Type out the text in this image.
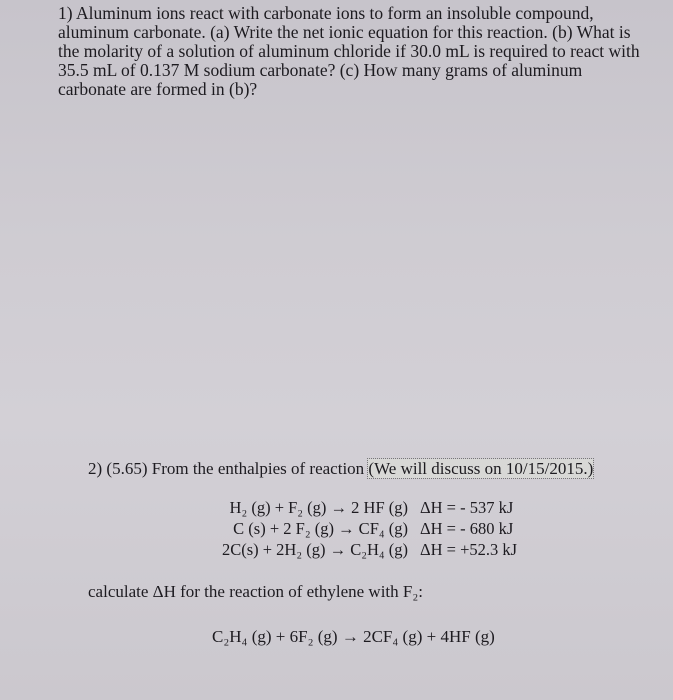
1) Aluminum ions react with carbonate ions to form an insoluble compound, aluminum carbonate. (a) Write the net ionic equation for this reaction. (b) What is the molarity of a solution of aluminum chloride if 30.0 mL is required to react with 35.5 mL of 0.137 M sodium carbonate? (c) How many grams of aluminum carbonate are formed in (b)?
2) (5.65) From the enthalpies of reaction (We will discuss on 10/15/2015.)
H₂ (g) + F₂ (g) → 2 HF (g) ΔH = - 537 kJ
C (s) + 2 F₂ (g) → CF₄ (g) ΔH = - 680 kJ
2C(s) + 2H₂ (g) → C₂H₄ (g) ΔH = +52.3 kJ
calculate ΔH for the reaction of ethylene with F₂:
C₂H₄ (g) + 6F₂ (g) → 2CF₄ (g) + 4HF (g)
